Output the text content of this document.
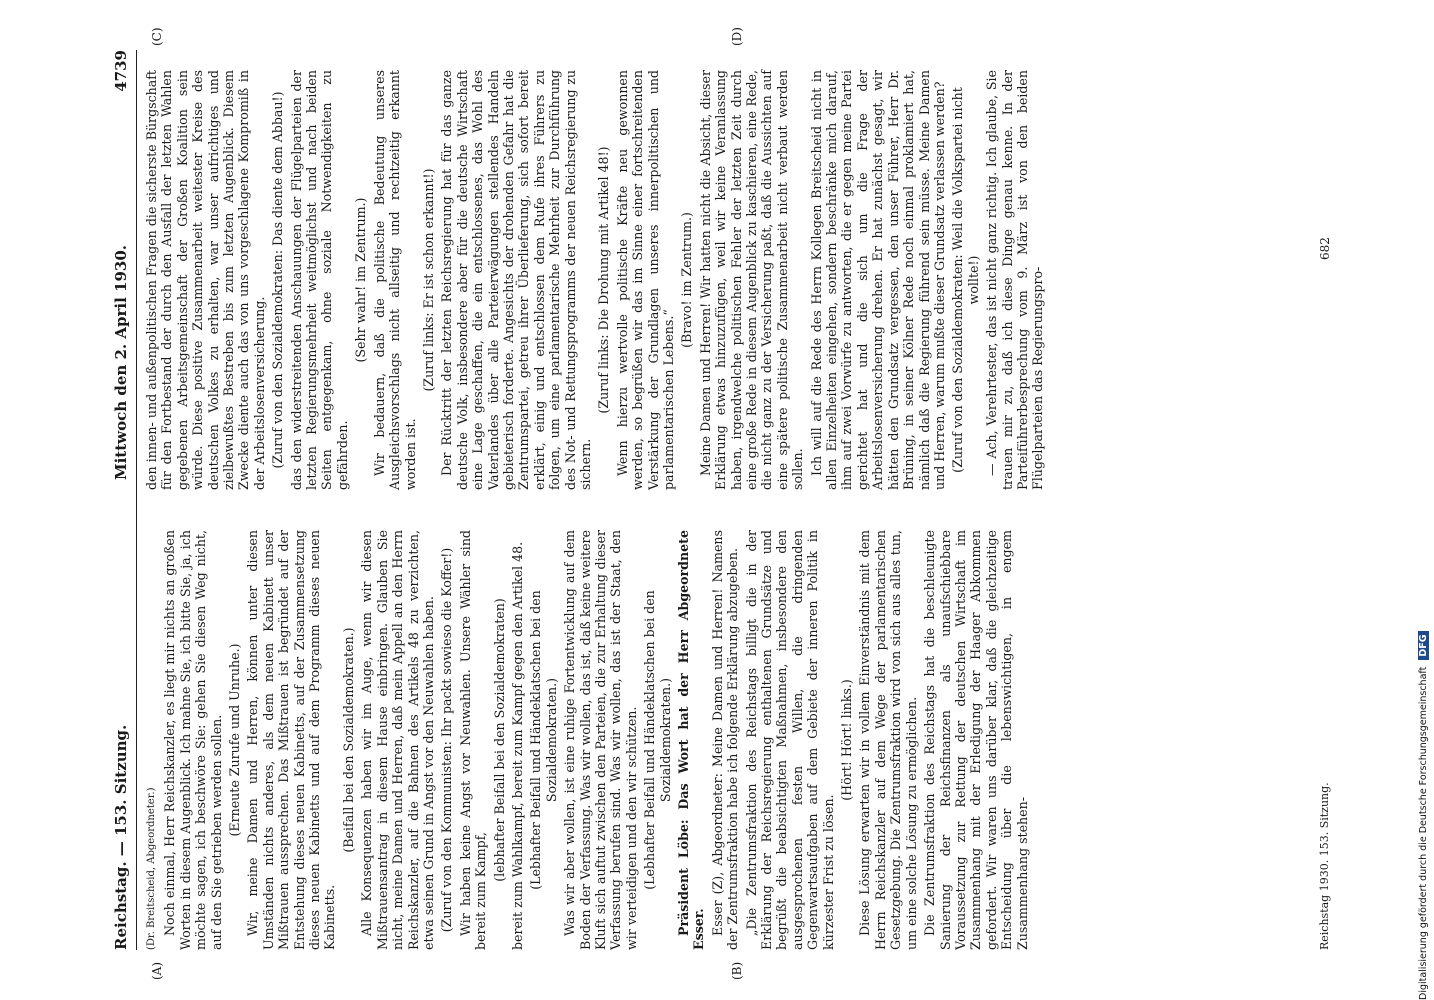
Reichstag. — 153. Sitzung.
Mittwoch den 2. April 1930.
4739
(A)	(B)
(C)	(D)

(Dr. Breitscheid, Abgeordneter.) Noch einmal, Herr Reichskanzler, es liegt mir nichts an großen Worten in diesem Augenblick. Ich mahne Sie, ich bitte Sie, ja, ich möchte sagen, ich beschwöre Sie: gehen Sie diesen Weg nicht, auf den Sie getrieben werden sollen. (Erneute Zurufe und Unruhe.) Wir, meine Damen und Herren, können unter diesen Umständen nichts anderes, als dem neuen Kabinett unser Mißtrauen aussprechen. Das Mißtrauen ist begründet auf der Entstehung dieses neuen Kabinetts, auf der Zusammensetzung dieses neuen Kabinetts und auf dem Programm dieses neuen Kabinetts.

(Beifall bei den Sozialdemokraten.) Alle Konsequenzen haben wir im Auge, wenn wir diesen Mißtrauensantrag in diesem Hause einbringen. Glauben Sie nicht, meine Damen und Herren, daß mein Appell an den Herrn Reichskanzler, auf die Bahnen des Artikels 48 zu verzichten, etwa seinen Grund in Angst vor den Neuwahlen haben. (Zuruf von den Kommunisten: Ihr packt sowieso die Koffer!) Wir haben keine Angst vor Neuwahlen. Unsere Wähler sind bereit zum Kampf,

(lebhafter Beifall bei den Sozialdemokraten) bereit zum Wahlkampf, bereit zum Kampf gegen den Artikel 48. (Lebhafter Beifall und Händeklatschen bei den Sozialdemokraten.) Was wir aber wollen, ist eine ruhige Fortentwicklung auf dem Boden der Verfassung. Was wir wollen, das ist, daß keine weitere Kluft sich auftut zwischen den Parteien, die zur Erhaltung dieser Verfassung berufen sind. Was wir wollen, das ist der Staat, den wir verteidigen und den wir schützen. (Lebhafter Beifall und Händeklatschen bei den Sozialdemokraten.) Präsident Löbe: Das Wort hat der Herr Abgeordnete Esser. Esser (Z), Abgeordneter: Meine Damen und Herren! Namens der Zentrumsfraktion habe ich folgende Erklärung abzugeben. „Die Zentrumsfraktion des Reichstags billigt die in der Erklärung der Reichsregierung enthaltenen Grundsätze und begrüßt die beabsichtigten Maßnahmen, insbesondere den ausgesprochenen festen Willen, die dringenden Gegenwartsaufgaben auf dem Gebiete der inneren Politik in kürzester Frist zu lösen.

(Hört! Hört! links.) Diese Lösung erwarten wir in vollem Einverständnis mit dem Herrn Reichskanzler auf dem Wege der parlamentarischen Gesetzgebung. Die Zentrumsfraktion wird von sich aus alles tun, um eine solche Lösung zu ermöglichen. Die Zentrumsfraktion des Reichstags hat die beschleunigte Sanierung der Reichsfinanzen als unaufschiebbare Voraussetzung zur Rettung der deutschen Wirtschaft im Zusammenhang mit der Erledigung der Haager Abkommen gefordert. Wir waren uns darüber klar, daß die gleichzeitige Entscheidung über die lebenswichtigen, in engem Zusammenhang stehen-

den innen- und außenpolitischen Fragen die sicherste Bürgschaft für den Fortbestand der durch den Ausfall der letzten Wahlen gegebenen Arbeitsgemeinschaft der Großen Koalition sein würde. Diese positive Zusammenarbeit weitester Kreise des deutschen Volkes zu erhalten, war unser aufrichtiges und zielbewußtes Bestreben bis zum letzten Augenblick. Diesem Zwecke diente auch das von uns vorgeschlagene Kompromiß in der Arbeitslosenversicherung. (Zuruf von den Sozialdemokraten: Das diente dem Abbau!) das den widerstreitenden Anschauungen der Flügelparteien der letzten Regierungsmehrheit weitmöglichst und nach beiden Seiten entgegenkam, ohne soziale Notwendigkeiten zu gefährden.

(Sehr wahr! im Zentrum.) Wir bedauern, daß die politische Bedeutung unseres Ausgleichsvorschlags nicht allseitig und rechtzeitig erkannt worden ist.

(Zuruf links: Er ist schon erkannt!) Der Rücktritt der letzten Reichsregierung hat für das ganze deutsche Volk, insbesondere aber für die deutsche Wirtschaft eine Lage geschaffen, die ein entschlossenes, das Wohl des Vaterlandes über alle Parteierwägungen stellendes Handeln gebieterisch forderte. Angesichts der drohenden Gefahr hat die Zentrumspartei, getreu ihrer Überlieferung, sich sofort bereit erklärt, einig und entschlossen dem Rufe ihres Führers zu folgen, um eine parlamentarische Mehrheit zur Durchführung des Not- und Rettungsprogramms der neuen Reichsregierung zu sichern.

(Zuruf links: Die Drohung mit Artikel 48!) Wenn hierzu wertvolle politische Kräfte neu gewonnen werden, so begrüßen wir das im Sinne einer fortschreitenden Verstärkung der Grundlagen unseres innerpolitischen und parlamentarischen Lebens.“

(Bravo! im Zentrum.) Meine Damen und Herren! Wir hatten nicht die Absicht, dieser Erklärung etwas hinzuzufügen, weil wir keine Veranlassung haben, irgendwelche politischen Fehler der letzten Zeit durch eine große Rede in diesem Augenblick zu kaschieren, eine Rede, die nicht ganz zu der Versicherung paßt, daß die Aussichten auf eine spätere politische Zusammenarbeit nicht verbaut werden sollen. Ich will auf die Rede des Herrn Kollegen Breitscheid nicht in allen Einzelheiten eingehen, sondern beschränke mich darauf, ihm auf zwei Vorwürfe zu antworten, die er gegen meine Partei gerichtet hat und die sich um die Frage der Arbeitslosenversicherung drehen. Er hat zunächst gesagt, wir hätten den Grundsatz vergessen, den unser Führer, Herr Dr. Brüning, in seiner Kölner Rede noch einmal proklamiert hat, nämlich daß die Regierung führend sein müsse. Meine Damen und Herren, warum mußte dieser Grundsatz verlassen werden? (Zuruf von den Sozialdemokraten: Weil die Volkspartei nicht wollte!) — Ach, Verehrtester, das ist nicht ganz richtig. Ich glaube, Sie trauen mir zu, daß ich diese Dinge genau kenne. In der Parteiführerbesprechung vom 9. März ist von den beiden Flügelparteien das Regierungspro-

Reichstag 1930. 153. Sitzung.
682
Digitalisierung gefördert durch die Deutsche Forschungsgemeinschaft DFG
